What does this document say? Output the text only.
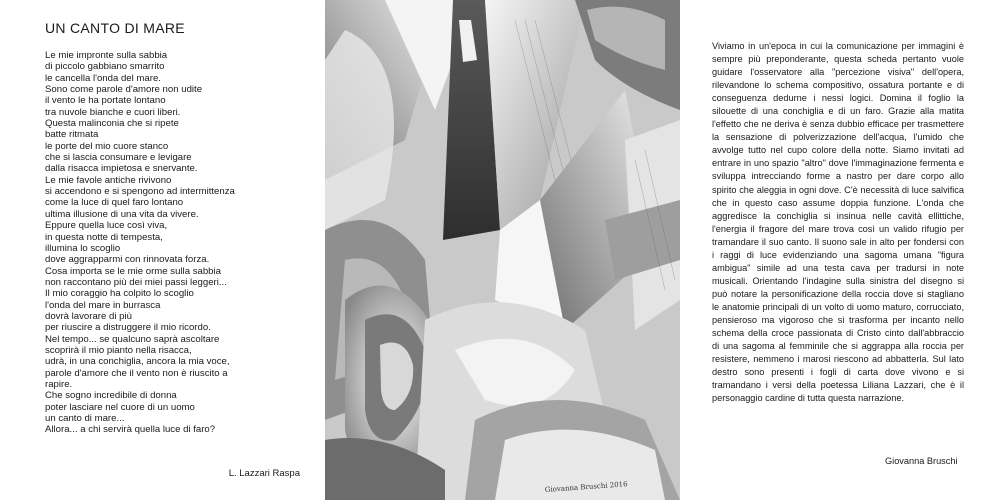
UN CANTO DI MARE
Le mie impronte sulla sabbia
di piccolo gabbiano smarrito
le cancella l'onda del mare.
Sono come parole d'amore non udite
il vento le ha portate lontano
tra nuvole bianche e cuori liberi.
Questa malinconia che si ripete
batte ritmata
le porte del mio cuore stanco
che si lascia consumare e levigare
dalla risacca impietosa e snervante.
Le mie favole antiche rivivono
si accendono e si spengono ad intermittenza
come la luce di quel faro lontano
ultima illusione di una vita da vivere.
Eppure quella luce così viva,
in questa notte di tempesta,
illumina lo scoglio
dove aggrapparmi con rinnovata forza.
Cosa importa se le mie orme sulla sabbia
non raccontano più dei miei passi leggeri...
Il mio coraggio ha colpito lo scoglio
l'onda del mare in burrasca
dovrà lavorare di più
per riuscire a distruggere il mio ricordo.
Nel tempo... se qualcuno saprà ascoltare
scoprirà il mio pianto nella risacca,
udrà, in una conchiglia, ancora la mia voce,
parole d'amore che il vento non è riuscito a
rapire.
Che sogno incredibile di donna
poter lasciare nel cuore di un uomo
un canto di mare...
Allora... a chi servirà quella luce di faro?
L. Lazzari Raspa
Giovanna Bruschi 2016
Viviamo in un'epoca in cui la comunicazione per immagini è sempre più preponderante, questa scheda pertanto vuole guidare l'osservatore alla "percezione visiva" dell'opera, rilevandone lo schema compositivo, ossatura portante e di conseguenza dedurne i nessi logici. Domina il foglio la silouette di una conchiglia e di un faro. Grazie alla matita l'effetto che ne deriva è senza dubbio efficace per trasmettere la sensazione di polverizzazione dell'acqua, l'umido che avvolge tutto nel cupo colore della notte. Siamo invitati ad entrare in uno spazio "altro" dove l'immaginazione fermenta e sviluppa intrecciando forme a nastro per dare corpo allo spirito che aleggia in ogni dove. C'è necessità di luce salvifica che in questo caso assume doppia funzione. L'onda che aggredisce la conchiglia si insinua nelle cavità ellittiche, l'energia il fragore del mare trova così un valido rifugio per tramandare il suo canto. Il suono sale in alto per fondersi con i raggi di luce evidenziando una sagoma umana "figura ambigua" simile ad una testa cava per tradursi in note musicali. Orientando l'indagine sulla sinistra del disegno si può notare la personificazione della roccia dove si stagliano le anatomie principali di un volto di uomo maturo, corrucciato, pensieroso ma vigoroso che si trasforma per incanto nello schema della croce passionata di Cristo cinto dall'abbraccio di una sagoma al femminile che si aggrappa alla roccia per resistere, nemmeno i marosi riescono ad abbatterla. Sul lato destro sono presenti i fogli di carta dove vivono e si tramandano i versi della poetessa Liliana Lazzari, che è il personaggio cardine di tutta questa narrazione.
Giovanna Bruschi
